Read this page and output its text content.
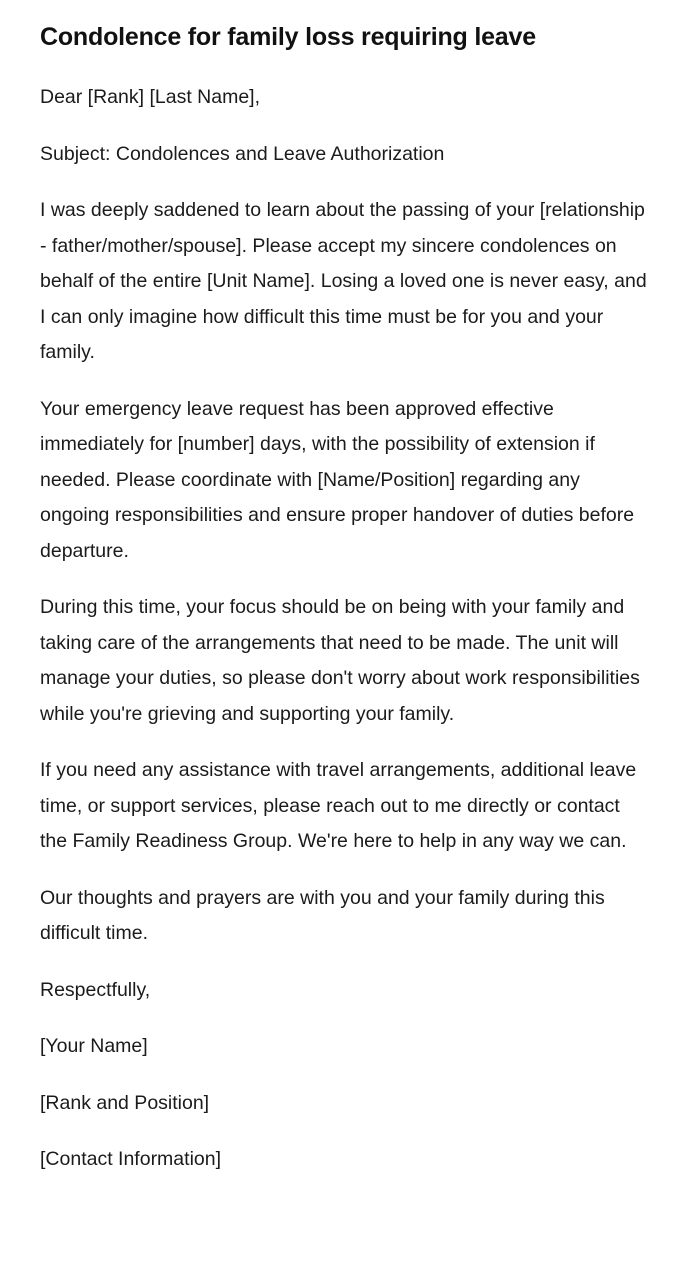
Condolence for family loss requiring leave

Dear [Rank] [Last Name],

Subject: Condolences and Leave Authorization

I was deeply saddened to learn about the passing of your [relationship - father/mother/spouse]. Please accept my sincere condolences on behalf of the entire [Unit Name]. Losing a loved one is never easy, and I can only imagine how difficult this time must be for you and your family.

Your emergency leave request has been approved effective immediately for [number] days, with the possibility of extension if needed. Please coordinate with [Name/Position] regarding any ongoing responsibilities and ensure proper handover of duties before departure.

During this time, your focus should be on being with your family and taking care of the arrangements that need to be made. The unit will manage your duties, so please don't worry about work responsibilities while you're grieving and supporting your family.

If you need any assistance with travel arrangements, additional leave time, or support services, please reach out to me directly or contact the Family Readiness Group. We're here to help in any way we can.

Our thoughts and prayers are with you and your family during this difficult time.

Respectfully,

[Your Name]

[Rank and Position]

[Contact Information]
